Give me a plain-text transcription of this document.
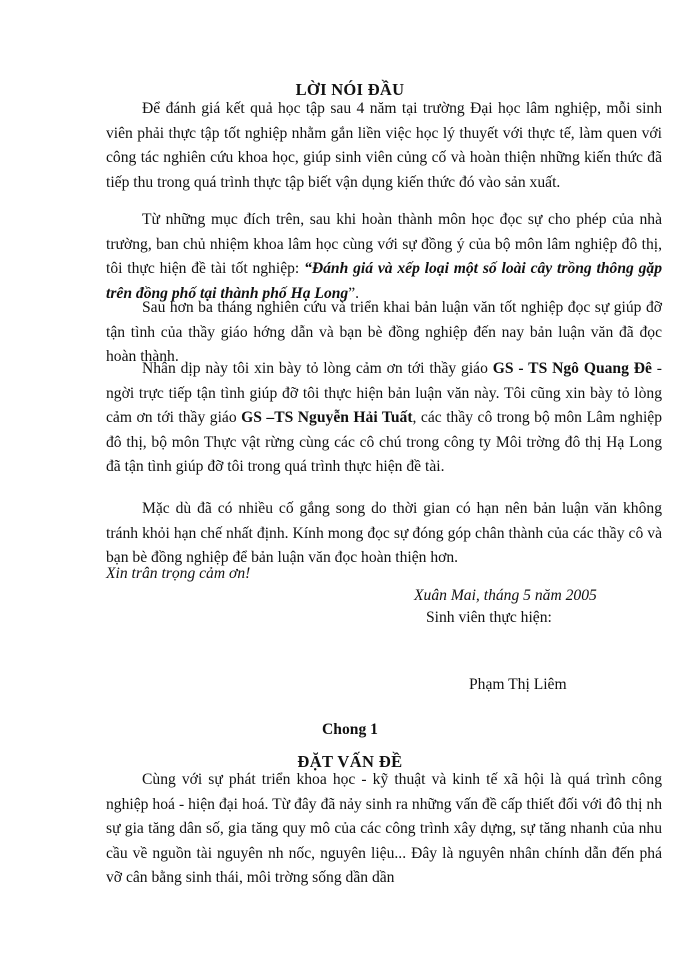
LỜI NÓI ĐẦU
Để đánh giá kết quả học tập sau 4 năm tại trường Đại học lâm nghiệp, mỗi sinh viên phải thực tập tốt nghiệp nhằm gắn liền việc học lý thuyết với thực tế, làm quen với công tác nghiên cứu khoa học, giúp sinh viên củng cố và hoàn thiện những kiến thức đã tiếp thu trong quá trình thực tập biết vận dụng kiến thức đó vào sản xuất.
Từ những mục đích trên, sau khi hoàn thành môn học đọc sự cho phép của nhà trường, ban chủ nhiệm khoa lâm học cùng với sự đồng ý của bộ môn lâm nghiệp đô thị, tôi thực hiện đề tài tốt nghiệp: “Đánh giá và xếp loại một số loài cây trồng thông gặp trên đồng phố tại thành phố Hạ Long”.
Sau hơn ba tháng nghiên cứu và triển khai bản luận văn tốt nghiệp đọc sự giúp đỡ tận tình của thầy giáo hớng dẫn và bạn bè đồng nghiệp đến nay bản luận văn đã đọc hoàn thành.
Nhân dịp này tôi xin bày tỏ lòng cảm ơn tới thầy giáo GS - TS Ngô Quang Đê - ngời trực tiếp tận tình giúp đỡ tôi thực hiện bản luận văn này. Tôi cũng xin bày tỏ lòng cảm ơn tới thầy giáo GS –TS Nguyễn Hải Tuất, các thầy cô trong bộ môn Lâm nghiệp đô thị, bộ môn Thực vật rừng cùng các cô chú trong công ty Môi trờng đô thị Hạ Long đã tận tình giúp đỡ tôi trong quá trình thực hiện đề tài.
Mặc dù đã có nhiều cố gắng song do thời gian có hạn nên bản luận văn không tránh khỏi hạn chế nhất định. Kính mong đọc sự đóng góp chân thành của các thầy cô và bạn bè đồng nghiệp để bản luận văn đọc hoàn thiện hơn.
Xin trân trọng cảm ơn!
Xuân Mai, tháng 5 năm 2005
Sinh viên thực hiện:
Phạm Thị Liêm
Chong 1
ĐẶT VẤN ĐỀ
Cùng với sự phát triển khoa học - kỹ thuật và kinh tế xã hội là quá trình công nghiệp hoá - hiện đại hoá. Từ đây đã nảy sinh ra những vấn đề cấp thiết đối với đô thị nh sự gia tăng dân số, gia tăng quy mô của các công trình xây dựng, sự tăng nhanh của nhu cầu về nguồn tài nguyên nh nốc, nguyên liệu... Đây là nguyên nhân chính dẫn đến phá vỡ cân bằng sinh thái, môi trờng sống dần dần
